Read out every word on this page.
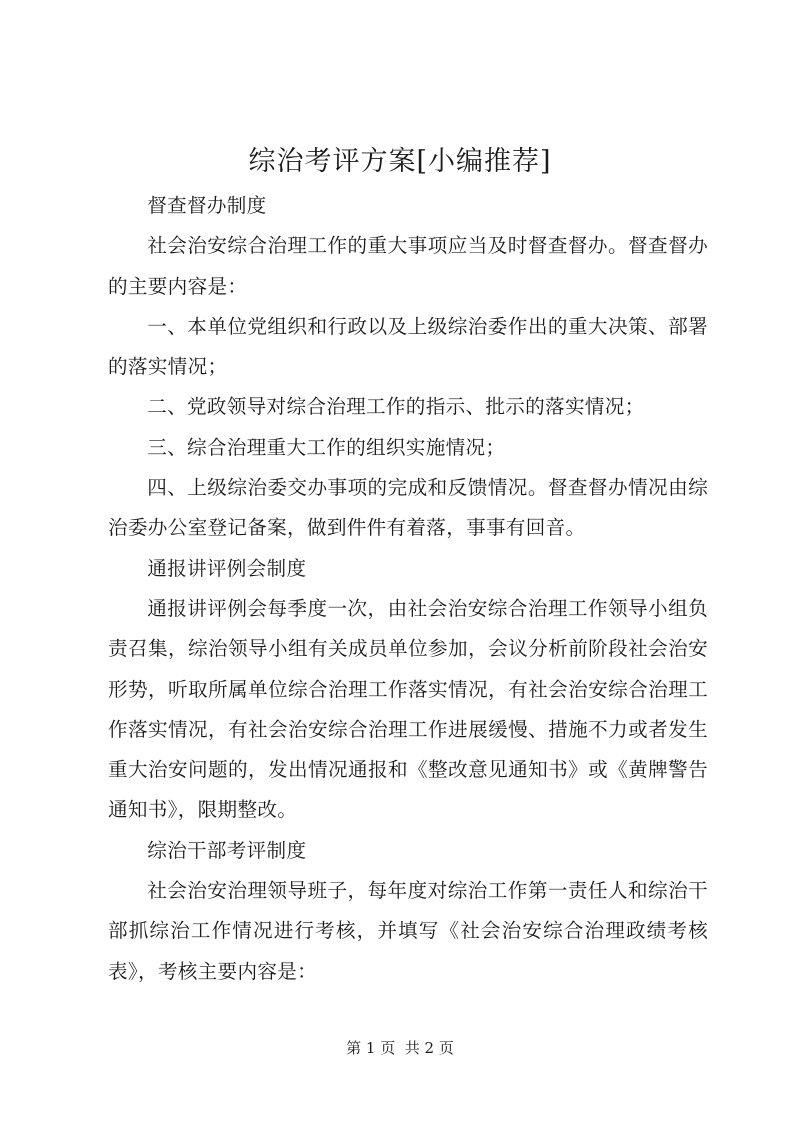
综治考评方案[小编推荐]

督查督办制度

社会治安综合治理工作的重大事项应当及时督查督办。督查督办的主要内容是：

一、本单位党组织和行政以及上级综治委作出的重大决策、部署的落实情况；

二、党政领导对综合治理工作的指示、批示的落实情况；

三、综合治理重大工作的组织实施情况；

四、上级综治委交办事项的完成和反馈情况。督查督办情况由综治委办公室登记备案，做到件件有着落，事事有回音。

通报讲评例会制度

通报讲评例会每季度一次，由社会治安综合治理工作领导小组负责召集，综治领导小组有关成员单位参加，会议分析前阶段社会治安形势，听取所属单位综合治理工作落实情况，有社会治安综合治理工作落实情况，有社会治安综合治理工作进展缓慢、措施不力或者发生重大治安问题的，发出情况通报和《整改意见通知书》或《黄牌警告通知书》，限期整改。

综治干部考评制度

社会治安治理领导班子，每年度对综治工作第一责任人和综治干部抓综治工作情况进行考核，并填写《社会治安综合治理政绩考核表》，考核主要内容是：

第 1 页  共 2 页
